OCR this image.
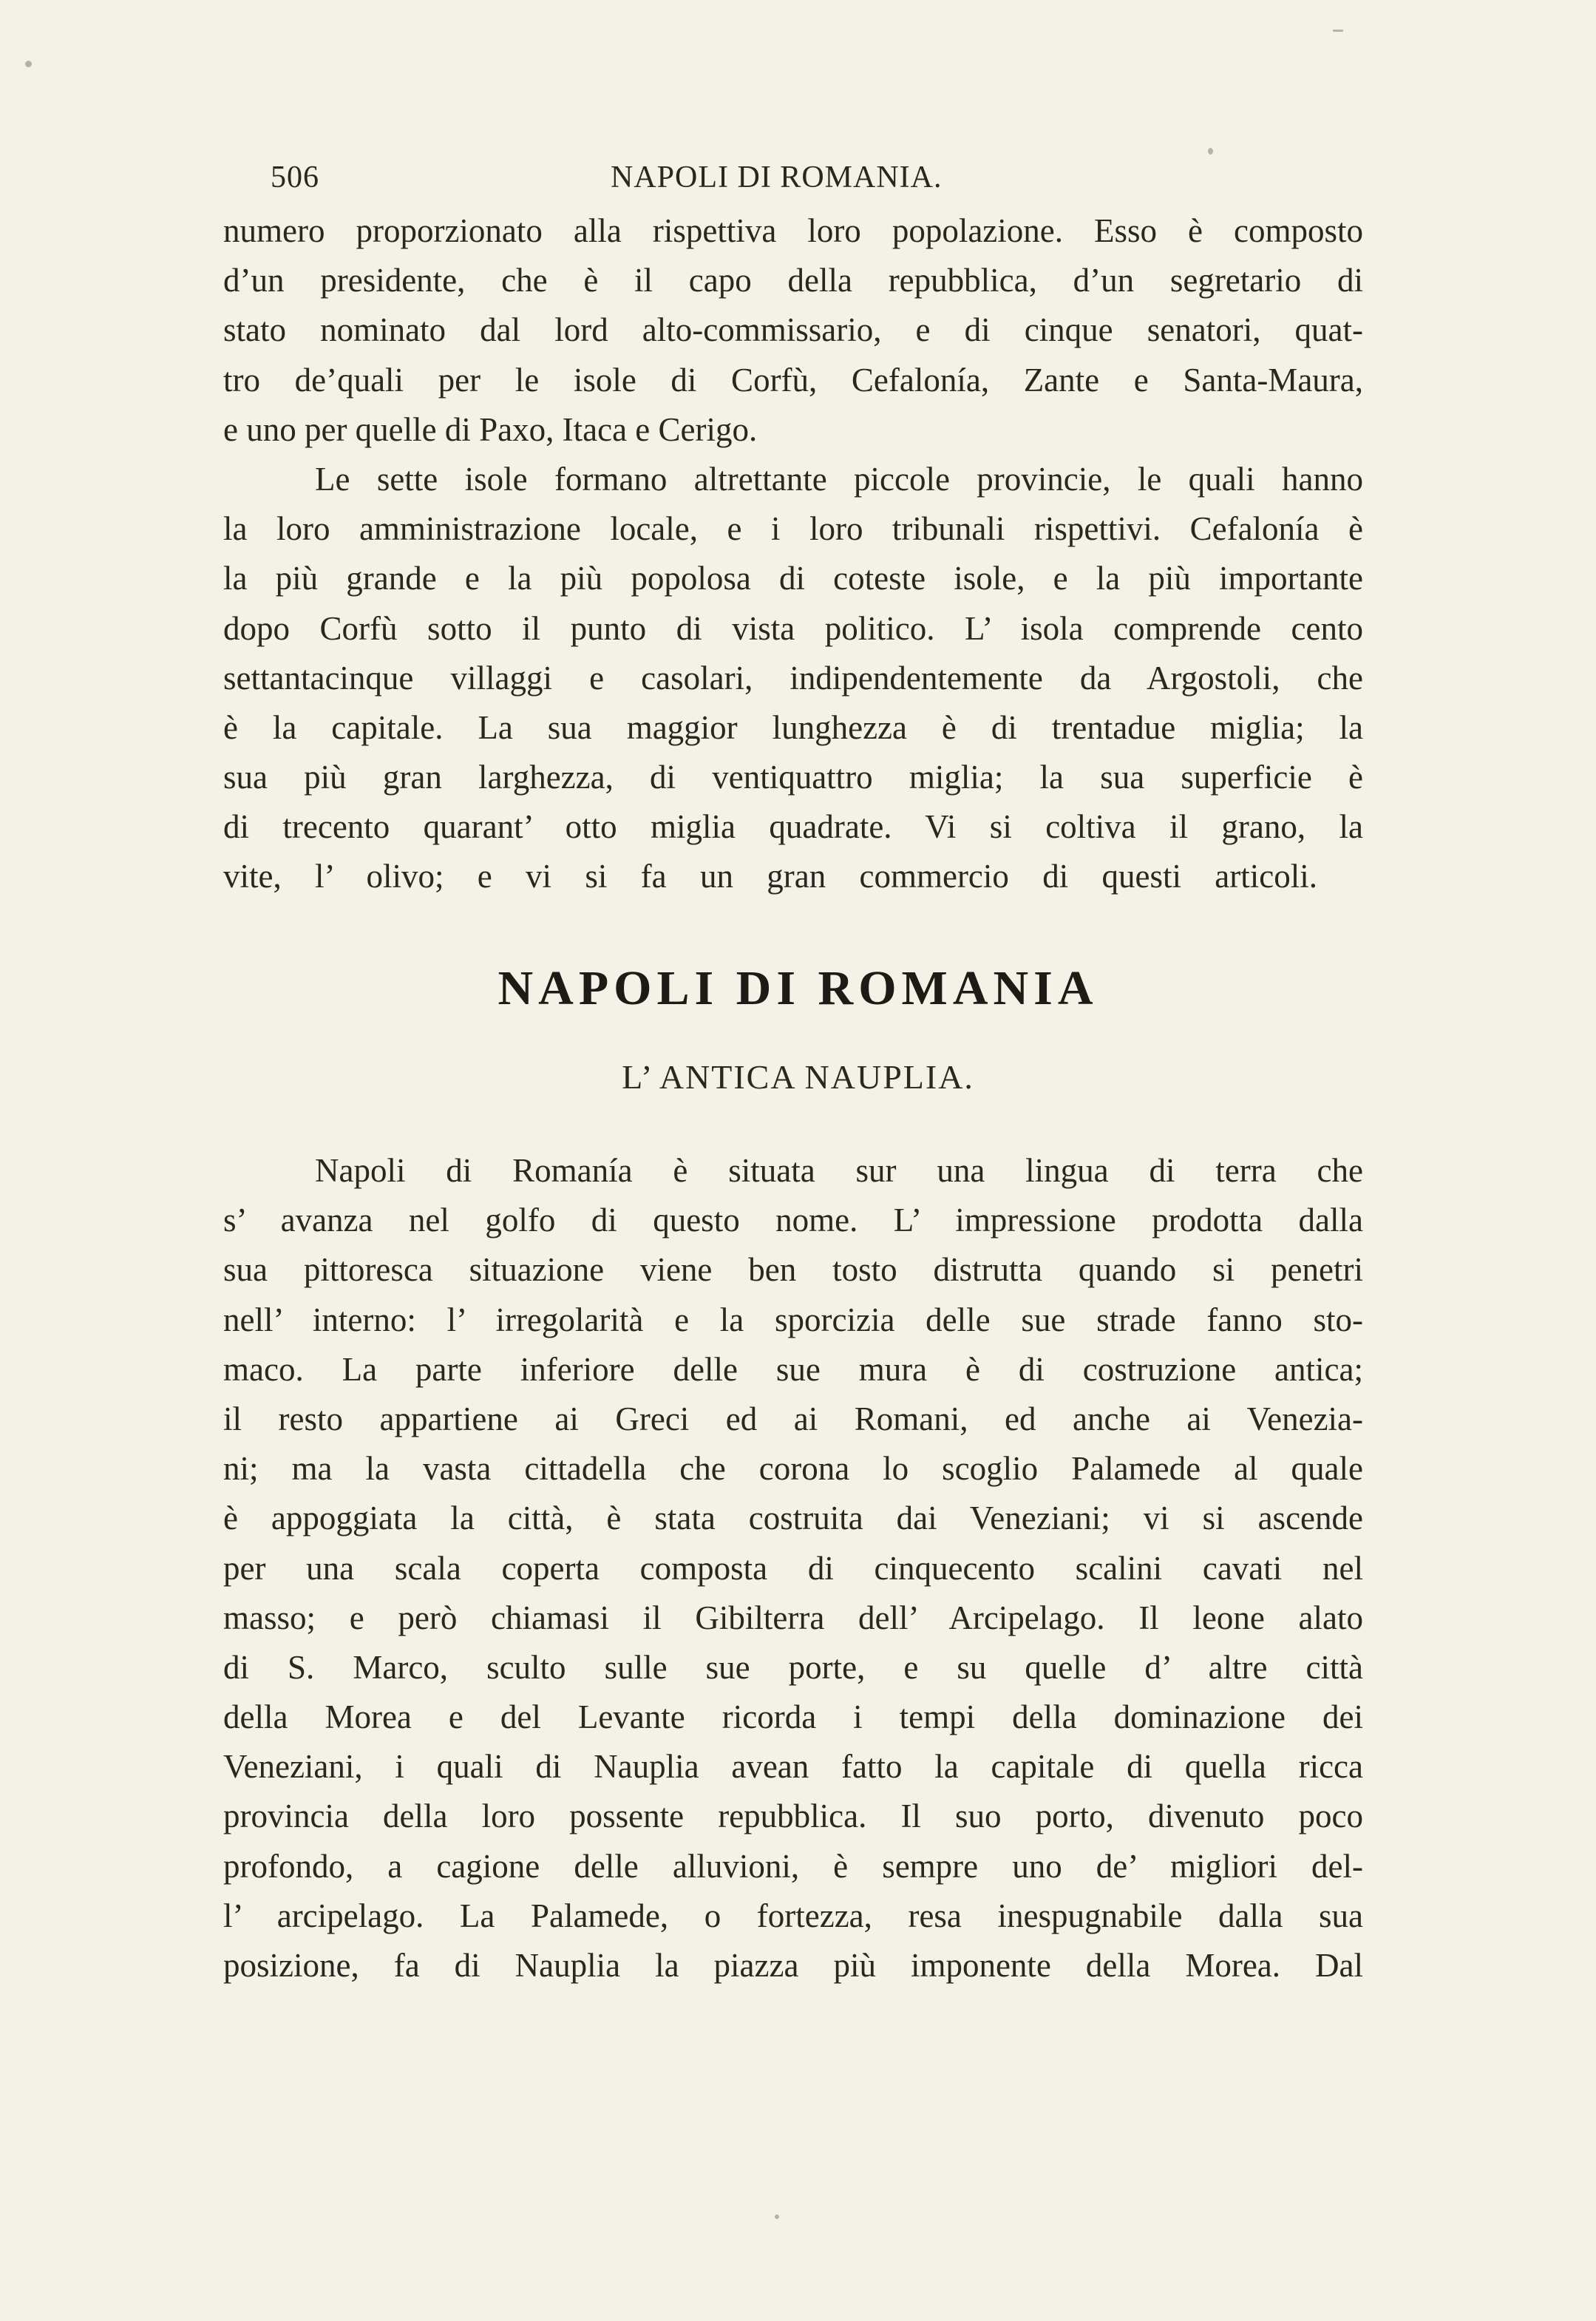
506	NAPOLI DI ROMANIA.
numero proporzionato alla rispettiva loro popolazione. Esso è composto
d’un presidente, che è il capo della repubblica, d’un segretario di
stato nominato dal lord alto-commissario, e di cinque senatori, quat-
tro de’quali per le isole di Corfù, Cefalonía, Zante e Santa-Maura,
e uno per quelle di Paxo, Itaca e Cerigo.
Le sette isole formano altrettante piccole provincie, le quali hanno
la loro amministrazione locale, e i loro tribunali rispettivi. Cefalonía è
la più grande e la più popolosa di coteste isole, e la più importante
dopo Corfù sotto il punto di vista politico. L’ isola comprende cento
settantacinque villaggi e casolari, indipendentemente da Argostoli, che
è la capitale. La sua maggior lunghezza è di trentadue miglia; la
sua più gran larghezza, di ventiquattro miglia; la sua superficie è
di trecento quarant’ otto miglia quadrate. Vi si coltiva il grano, la
vite, l’ olivo; e vi si fa un gran commercio di questi articoli.
NAPOLI DI ROMANIA
L’ ANTICA NAUPLIA.
Napoli di Romanía è situata sur una lingua di terra che
s’ avanza nel golfo di questo nome. L’ impressione prodotta dalla
sua pittoresca situazione viene ben tosto distrutta quando si penetri
nell’ interno: l’ irregolarità e la sporcizia delle sue strade fanno sto-
maco. La parte inferiore delle sue mura è di costruzione antica;
il resto appartiene ai Greci ed ai Romani, ed anche ai Venezia-
ni; ma la vasta cittadella che corona lo scoglio Palamede al quale
è appoggiata la città, è stata costruita dai Veneziani; vi si ascende
per una scala coperta composta di cinquecento scalini cavati nel
masso; e però chiamasi il Gibilterra dell’ Arcipelago. Il leone alato
di S. Marco, sculto sulle sue porte, e su quelle d’ altre città
della Morea e del Levante ricorda i tempi della dominazione dei
Veneziani, i quali di Nauplia avean fatto la capitale di quella ricca
provincia della loro possente repubblica. Il suo porto, divenuto poco
profondo, a cagione delle alluvioni, è sempre uno de’ migliori del-
l’ arcipelago. La Palamede, o fortezza, resa inespugnabile dalla sua
posizione, fa di Nauplia la piazza più imponente della Morea. Dal
